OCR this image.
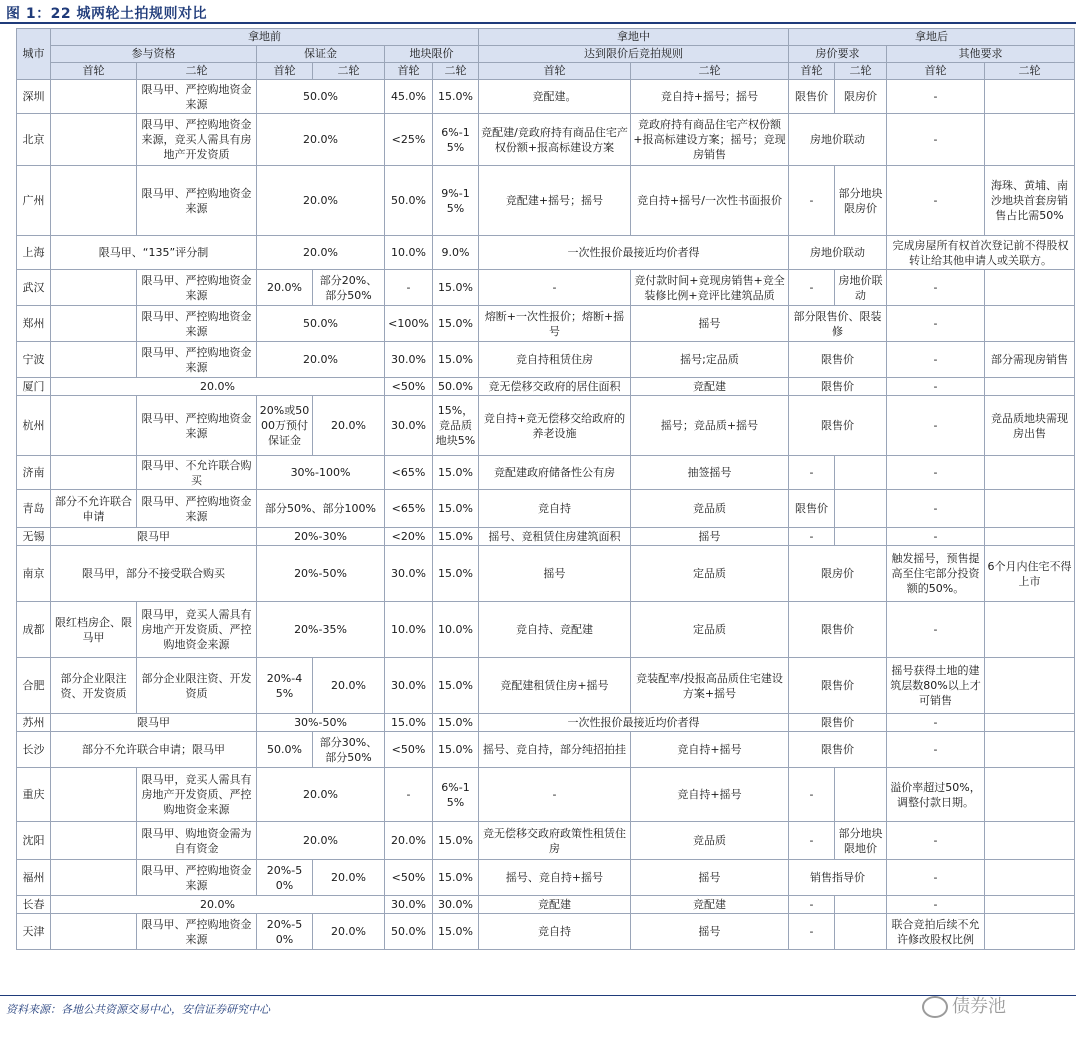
图 1：22 城两轮土拍规则对比
城市	拿地前						拿地中		拿地后			
	参与资格		保证金		地块限价		达到限价后竞拍规则		房价要求		其他要求	
	首轮	二轮	首轮	二轮	首轮	二轮	首轮	二轮	首轮	二轮	首轮	二轮
深圳		限马甲、严控购地资金来源	50.0%		45.0%	15.0%	竞配建。	竞自持+摇号；摇号	限售价	限房价	-	
北京		限马甲、严控购地资金来源，竞买人需具有房地产开发资质	20.0%		<25%	6%-15%	竞配建/竞政府持有商品住宅产权份额+报高标建设方案	竞政府持有商品住宅产权份额+报高标建设方案；摇号；竞现房销售	房地价联动		-	
广州		限马甲、严控购地资金来源	20.0%		50.0%	9%-15%	竞配建+摇号；摇号	竞自持+摇号/一次性书面报价	-	部分地块限房价	-	海珠、黄埔、南沙地块首套房销售占比需50%
上海	限马甲、“135”评分制		20.0%		10.0%	9.0%	一次性报价最接近均价者得		房地价联动		完成房屋所有权首次登记前不得股权转让给其他申请人或关联方。	
武汉		限马甲、严控购地资金来源	20.0%	部分20%、部分50%	-	15.0%	-	竞付款时间+竞现房销售+竞全装修比例+竞评比建筑品质	-	房地价联动	-	
郑州		限马甲、严控购地资金来源	50.0%		<100%	15.0%	熔断+一次性报价；熔断+摇号	摇号	部分限售价、限装修		-	
宁波		限马甲、严控购地资金来源	20.0%		30.0%	15.0%	竞自持租赁住房	摇号;定品质	限售价		-	部分需现房销售
厦门	20.0%				<50%	50.0%	竞无偿移交政府的居住面积	竞配建	限售价		-	
杭州		限马甲、严控购地资金来源	20%或5000万预付保证金	20.0%	30.0%	15%，竞品质地块5%	竞自持+竞无偿移交给政府的养老设施	摇号；竞品质+摇号	限售价		-	竞品质地块需现房出售
济南		限马甲、不允许联合购买	30%-100%		<65%	15.0%	竞配建政府储备性公有房	抽签摇号	-		-	
青岛	部分不允许联合申请	限马甲、严控购地资金来源	部分50%、部分100%		<65%	15.0%	竞自持	竞品质	限售价		-	
无锡	限马甲		20%-30%		<20%	15.0%	摇号、竞租赁住房建筑面积	摇号	-		-	
南京	限马甲，部分不接受联合购买		20%-50%		30.0%	15.0%	摇号	定品质	限房价		触发摇号，预售提高至住宅部分投资额的50%。	6个月内住宅不得上市
成都	限红档房企、限马甲	限马甲，竞买人需具有房地产开发资质、严控购地资金来源	20%-35%		10.0%	10.0%	竞自持、竞配建	定品质	限售价		-	
合肥	部分企业限注资、开发资质	部分企业限注资、开发资质	20%-45%	20.0%	30.0%	15.0%	竞配建租赁住房+摇号	竞装配率/投报高品质住宅建设方案+摇号	限售价		摇号获得土地的建筑层数80%以上才可销售	
苏州	限马甲		30%-50%		15.0%	15.0%	一次性报价最接近均价者得		限售价		-	
长沙	部分不允许联合申请；限马甲		50.0%	部分30%、部分50%	<50%	15.0%	摇号、竞自持，部分纯招拍挂	竞自持+摇号	限售价		-	
重庆		限马甲，竞买人需具有房地产开发资质、严控购地资金来源	20.0%		-	6%-15%	-	竞自持+摇号	-		溢价率超过50%，调整付款日期。	
沈阳		限马甲、购地资金需为自有资金	20.0%		20.0%	15.0%	竞无偿移交政府政策性租赁住房	竞品质	-	部分地块限地价	-	
福州		限马甲、严控购地资金来源	20%-50%	20.0%	<50%	15.0%	摇号、竞自持+摇号	摇号	销售指导价		-	
长春	20.0%				30.0%	30.0%	竞配建	竞配建	-		-	
天津		限马甲、严控购地资金来源	20%-50%	20.0%	50.0%	15.0%	竞自持	摇号	-		联合竞拍后续不允许修改股权比例	
资料来源：各地公共资源交易中心，安信证券研究中心	债券池
